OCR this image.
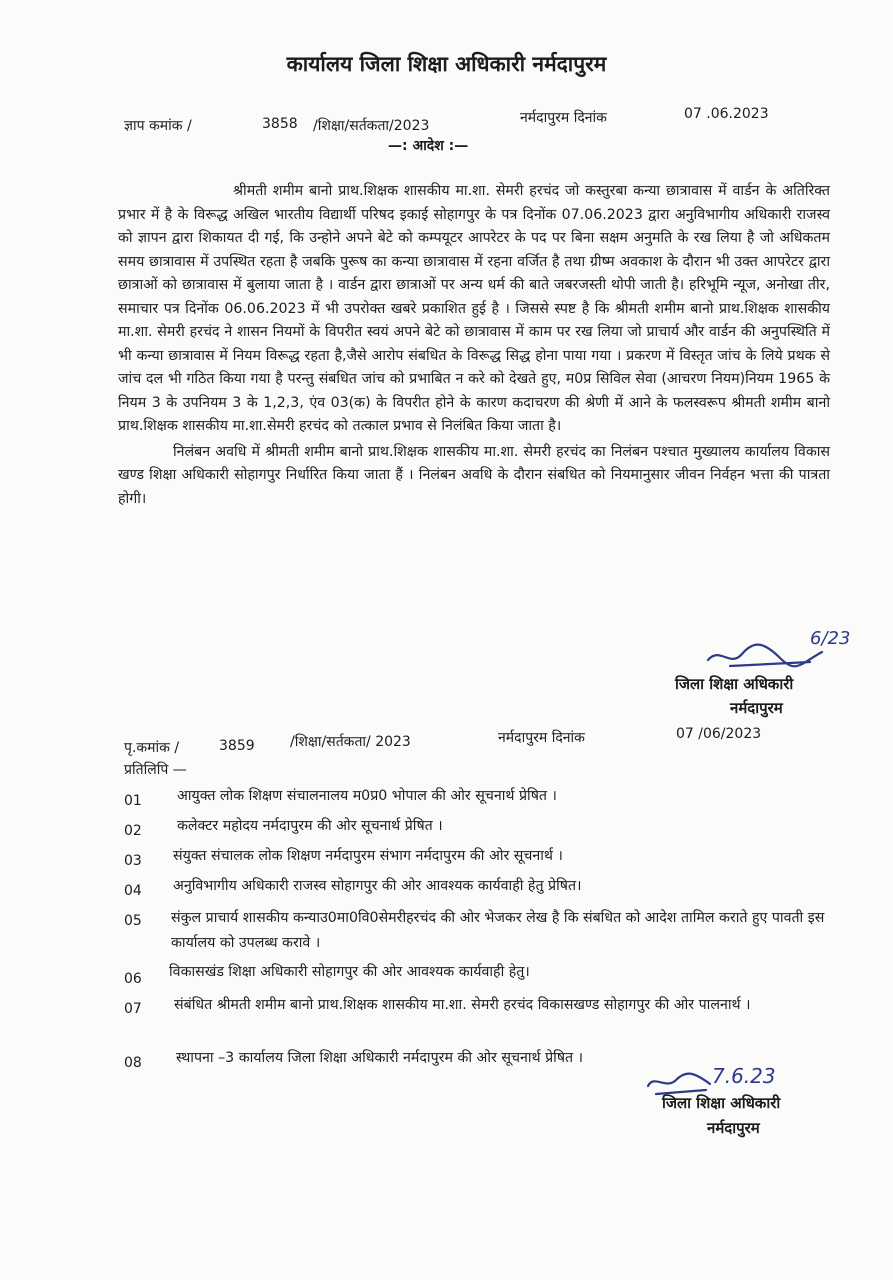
कार्यालय जिला शिक्षा अधिकारी नर्मदापुरम
ज्ञाप कमांक /	3858 /शिक्षा/सर्तकता/2023	नर्मदापुरम दिनांक	07 .06.2023
—: आदेश :—

श्रीमती शमीम बानो प्राथ.शिक्षक शासकीय मा.शा. सेमरी हरचंद जो कस्तुरबा कन्या छात्रावास में वार्डन के अतिरिक्त प्रभार में है के विरूद्ध अखिल भारतीय विद्यार्थी परिषद इकाई सोहागपुर के पत्र दिनोंक 07.06.2023 द्वारा अनुविभागीय अधिकारी राजस्व को ज्ञापन द्वारा शिकायत दी गई, कि उन्होने अपने बेटे को कम्पयूटर आपरेटर के पद पर बिना सक्षम अनुमति के रख लिया है जो अधिकतम समय छात्रावास में उपस्थित रहता है जबकि पुरूष का कन्या छात्रावास में रहना वर्जित है तथा ग्रीष्म अवकाश के दौरान भी उक्त आपरेटर द्वारा छात्राओं को छात्रावास में बुलाया जाता है । वार्डन द्वारा छात्राओं पर अन्य धर्म की बाते जबरजस्ती थोपी जाती है। हरिभूमि न्यूज, अनोखा तीर, समाचार पत्र दिनोंक 06.06.2023 में भी उपरोक्त खबरे प्रकाशित हुई है । जिससे स्पष्ट है कि श्रीमती शमीम बानो प्राथ.शिक्षक शासकीय मा.शा. सेमरी हरचंद ने शासन नियमों के विपरीत स्वयं अपने बेटे को छात्रावास में काम पर रख लिया जो प्राचार्य और वार्डन की अनुपस्थिति में भी कन्या छात्रावास में नियम विरूद्ध रहता है,जैसे आरोप संबधित के विरूद्ध सिद्ध होना पाया गया । प्रकरण में विस्तृत जांच के लिये प्रथक से जांच दल भी गठित किया गया है परन्तु संबधित जांच को प्रभाबित न करे को देखते हुए, म0प्र सिविल सेवा (आचरण नियम)नियम 1965 के नियम 3 के उपनियम 3 के 1,2,3, एंव 03(क) के विपरीत होने के कारण कदाचरण की श्रेणी में आने के फलस्वरूप श्रीमती शमीम बानो प्राथ.शिक्षक शासकीय मा.शा.सेमरी हरचंद को तत्काल प्रभाव से निलंबित किया जाता है।

निलंबन अवधि में श्रीमती शमीम बानो प्राथ.शिक्षक शासकीय मा.शा. सेमरी हरचंद का निलंबन पश्चात मुख्यालय कार्यालय विकास खण्ड शिक्षा अधिकारी सोहागपुर निर्धारित किया जाता हैं । निलंबन अवधि के दौरान संबधित को नियमानुसार जीवन निर्वहन भत्ता की पात्रता होगी।

6/23
जिला शिक्षा अधिकारी
नर्मदापुरम
पृ.कमांक /	3859	/शिक्षा/सर्तकता/ 2023	नर्मदापुरम दिनांक	07 /06/2023
प्रतिलिपि —
01 आयुक्त लोक शिक्षण संचालनालय म0प्र0 भोपाल की ओर सूचनार्थ प्रेषित ।
02 कलेक्टर महोदय नर्मदापुरम की ओर सूचनार्थ प्रेषित ।
03 संयुक्त संचालक लोक शिक्षण नर्मदापुरम संभाग नर्मदापुरम की ओर सूचनार्थ ।
04 अनुविभागीय अधिकारी राजस्व सोहागपुर की ओर आवश्यक कार्यवाही हेतु प्रेषित।
05 संकुल प्राचार्य शासकीय कन्याउ0मा0वि0सेमरीहरचंद की ओर भेजकर लेख है कि संबधित को आदेश तामिल कराते हुए पावती इस कार्यालय को उपलब्ध करावे ।
06 विकासखंड शिक्षा अधिकारी सोहागपुर की ओर आवश्यक कार्यवाही हेतु।
07 संबंधित श्रीमती शमीम बानो प्राथ.शिक्षक शासकीय मा.शा. सेमरी हरचंद विकासखण्ड सोहागपुर की ओर पालनार्थ ।
08 स्थापना –3 कार्यालय जिला शिक्षा अधिकारी नर्मदापुरम की ओर सूचनार्थ प्रेषित ।
7.6.23
जिला शिक्षा अधिकारी
नर्मदापुरम
